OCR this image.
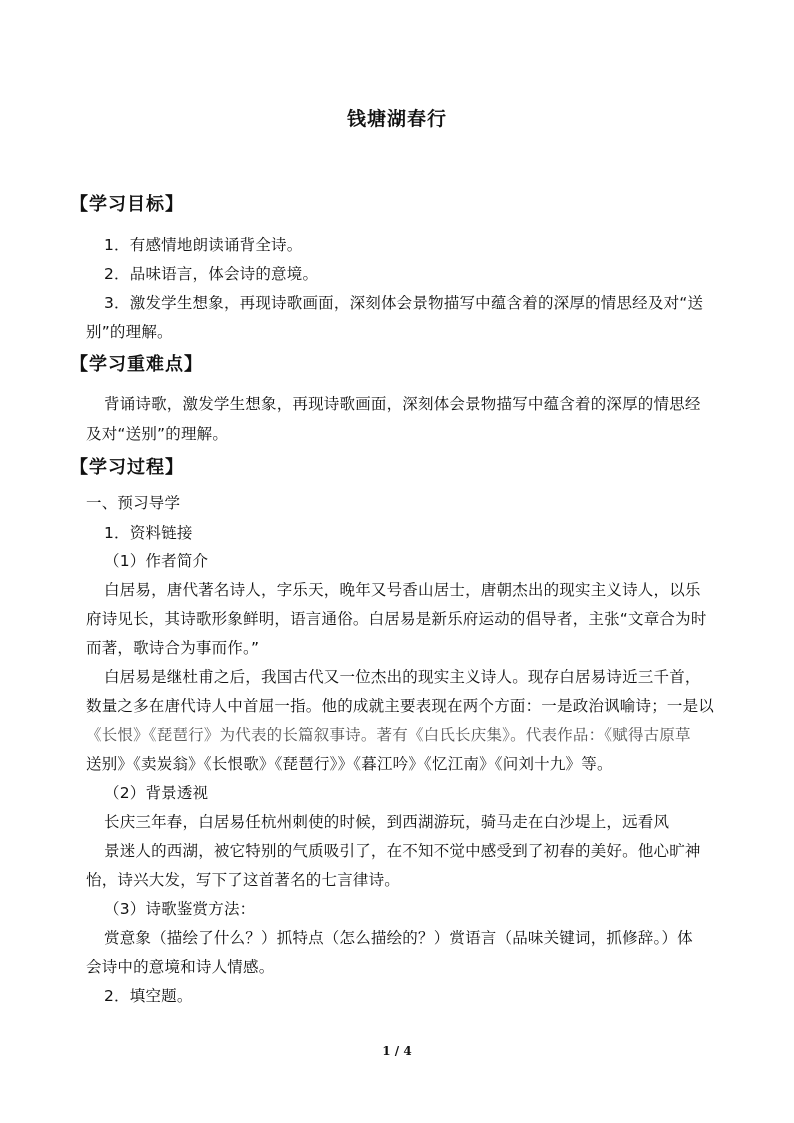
钱塘湖春行
【学习目标】
1．有感情地朗读诵背全诗。
2．品味语言，体会诗的意境。
3．激发学生想象，再现诗歌画面，深刻体会景物描写中蕴含着的深厚的情思经及对“送
别”的理解。
【学习重难点】
背诵诗歌，激发学生想象，再现诗歌画面，深刻体会景物描写中蕴含着的深厚的情思经
及对“送别”的理解。
【学习过程】
一、预习导学
1．资料链接
（1）作者简介
白居易，唐代著名诗人，字乐天，晚年又号香山居士，唐朝杰出的现实主义诗人，以乐
府诗见长，其诗歌形象鲜明，语言通俗。白居易是新乐府运动的倡导者，主张“文章合为时
而著，歌诗合为事而作。”
白居易是继杜甫之后，我国古代又一位杰出的现实主义诗人。现存白居易诗近三千首，
数量之多在唐代诗人中首屈一指。他的成就主要表现在两个方面：一是政治讽喻诗；一是以
《长恨》《琵琶行》为代表的长篇叙事诗。著有《白氏长庆集》。代表作品：《赋得古原草
送别》《卖炭翁》《长恨歌》《琵琶行》》《暮江吟》《忆江南》《问刘十九》等。
（2）背景透视
长庆三年春，白居易任杭州刺使的时候，到西湖游玩，骑马走在白沙堤上，远看风
景迷人的西湖，被它特别的气质吸引了，在不知不觉中感受到了初春的美好。他心旷神
怡，诗兴大发，写下了这首著名的七言律诗。
（3）诗歌鉴赏方法：
赏意象（描绘了什么？）抓特点（怎么描绘的？）赏语言（品味关键词，抓修辞。）体
会诗中的意境和诗人情感。
2．填空题。
1 / 4
